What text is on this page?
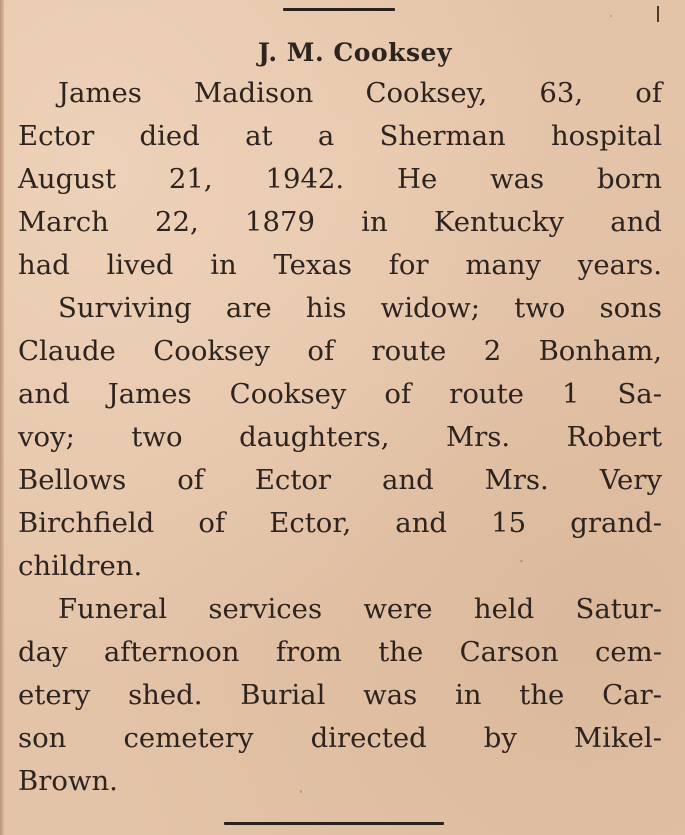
J. M. Cooksey
James Madison Cooksey, 63, of
Ector died at a Sherman hospital
August 21, 1942. He was born
March 22, 1879 in Kentucky and
had lived in Texas for many years.
Surviving are his widow; two sons
Claude Cooksey of route 2 Bonham,
and James Cooksey of route 1 Sa-
voy; two daughters, Mrs. Robert
Bellows of Ector and Mrs. Very
Birchfield of Ector, and 15 grand-
children.
Funeral services were held Satur-
day afternoon from the Carson cem-
etery shed. Burial was in the Car-
son cemetery directed by Mikel-
Brown.
